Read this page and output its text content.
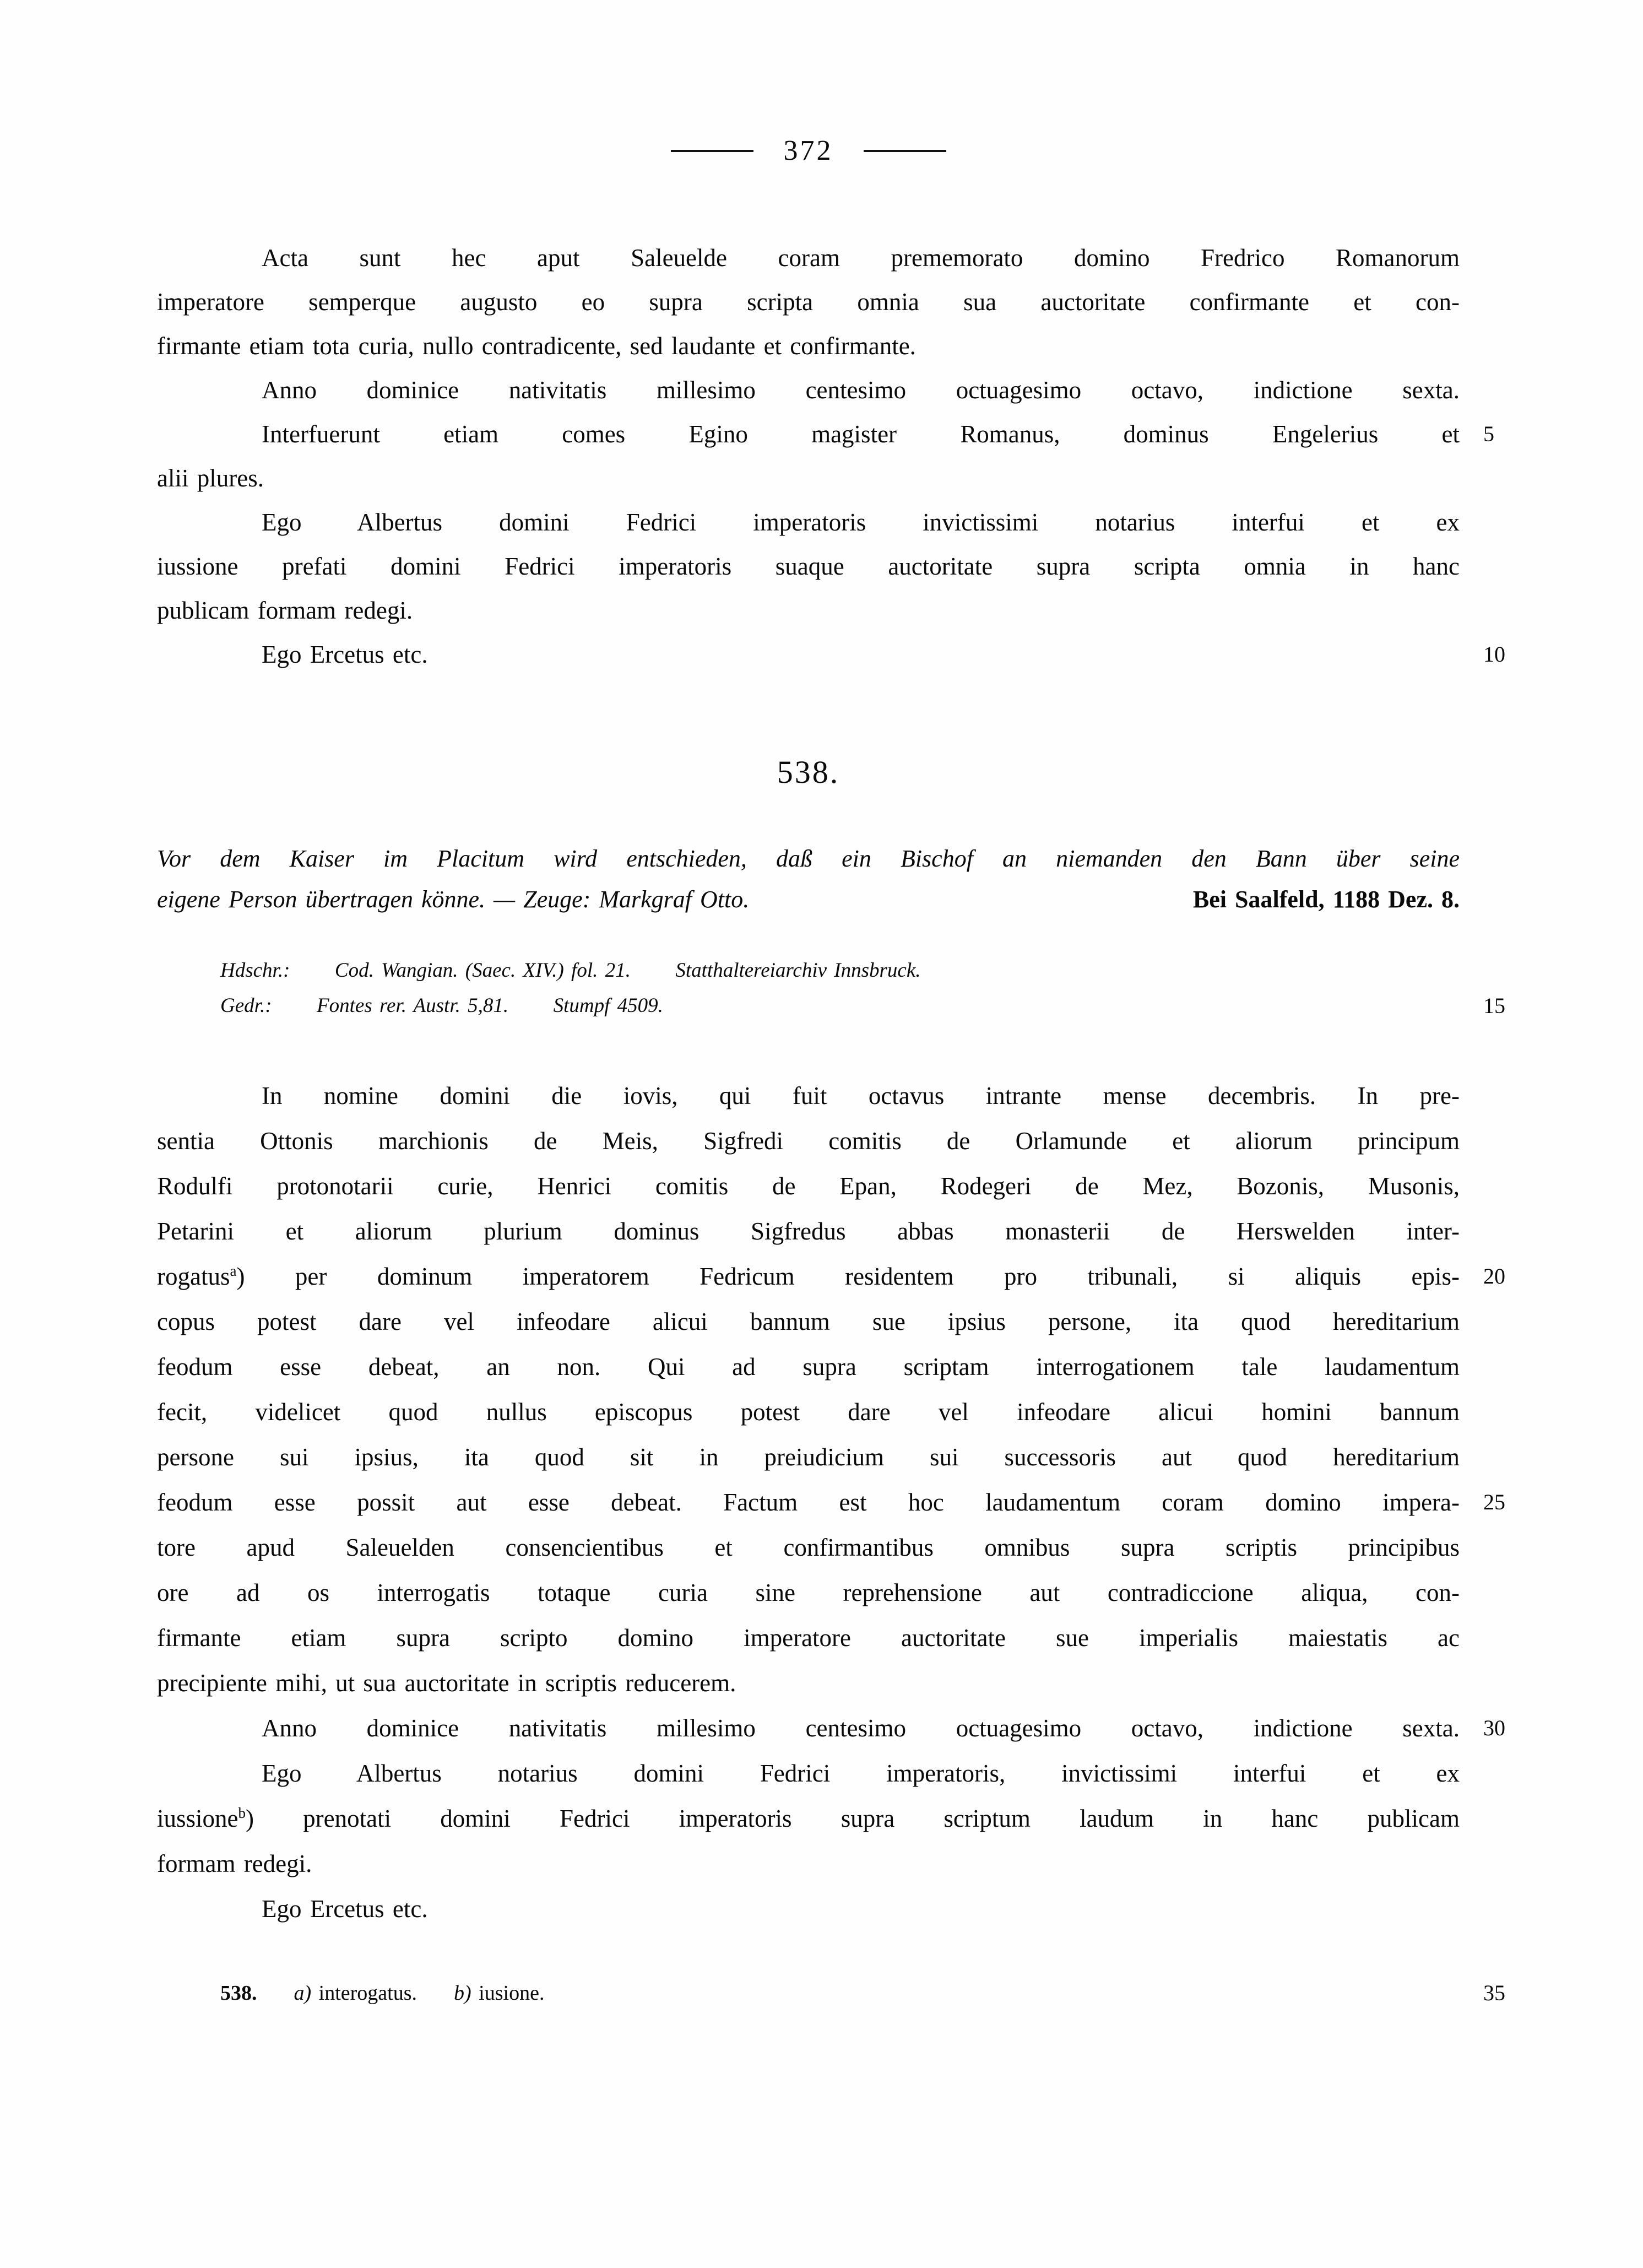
372
Acta sunt hec aput Saleuelde coram prememorato domino Fredrico Romanorum
imperatore semperque augusto eo supra scripta omnia sua auctoritate confirmante et con-
firmante etiam tota curia, nullo contradicente, sed laudante et confirmante.
Anno dominice nativitatis millesimo centesimo octuagesimo octavo, indictione sexta.
Interfuerunt etiam comes Egino magister Romanus, dominus Engelerius et 5
alii plures.
Ego Albertus domini Fedrici imperatoris invictissimi notarius interfui et ex
iussione prefati domini Fedrici imperatoris suaque auctoritate supra scripta omnia in hanc
publicam formam redegi.
Ego Ercetus etc.	10
538.
Vor dem Kaiser im Placitum wird entschieden, daß ein Bischof an niemanden den Bann über seine
eigene Person übertragen könne. — Zeuge: Markgraf Otto.	Bei Saalfeld, 1188 Dez. 8.
Hdschr.: Cod. Wangian. (Saec. XIV.) fol. 21. Statthaltereiarchiv Innsbruck.
Gedr.: Fontes rer. Austr. 5,81. Stumpf 4509.	15
In nomine domini die iovis, qui fuit octavus intrante mense decembris. In pre-
sentia Ottonis marchionis de Meis, Sigfredi comitis de Orlamunde et aliorum principum
Rodulfi protonotarii curie, Henrici comitis de Epan, Rodegeri de Mez, Bozonis, Musonis,
Petarini et aliorum plurium dominus Sigfredus abbas monasterii de Herswelden inter-
rogatus$^a$) per dominum imperatorem Fedricum residentem pro tribunali, si aliquis epis- 20
copus potest dare vel infeodare alicui bannum sue ipsius persone, ita quod hereditarium
feodum esse debeat, an non. Qui ad supra scriptam interrogationem tale laudamentum
fecit, videlicet quod nullus episcopus potest dare vel infeodare alicui homini bannum
persone sui ipsius, ita quod sit in preiudicium sui successoris aut quod hereditarium
feodum esse possit aut esse debeat. Factum est hoc laudamentum coram domino impera- 25
tore apud Saleuelden consencientibus et confirmantibus omnibus supra scriptis principibus
ore ad os interrogatis totaque curia sine reprehensione aut contradiccione aliqua, con-
firmante etiam supra scripto domino imperatore auctoritate sue imperialis maiestatis ac
precipiente mihi, ut sua auctoritate in scriptis reducerem.
Anno dominice nativitatis millesimo centesimo octuagesimo octavo, indictione sexta. 30
Ego Albertus notarius domini Fedrici imperatoris, invictissimi interfui et ex
iussione$^b$) prenotati domini Fedrici imperatoris supra scriptum laudum in hanc publicam
formam redegi.
Ego Ercetus etc.
538. a) interogatus. b) iusione.	35
